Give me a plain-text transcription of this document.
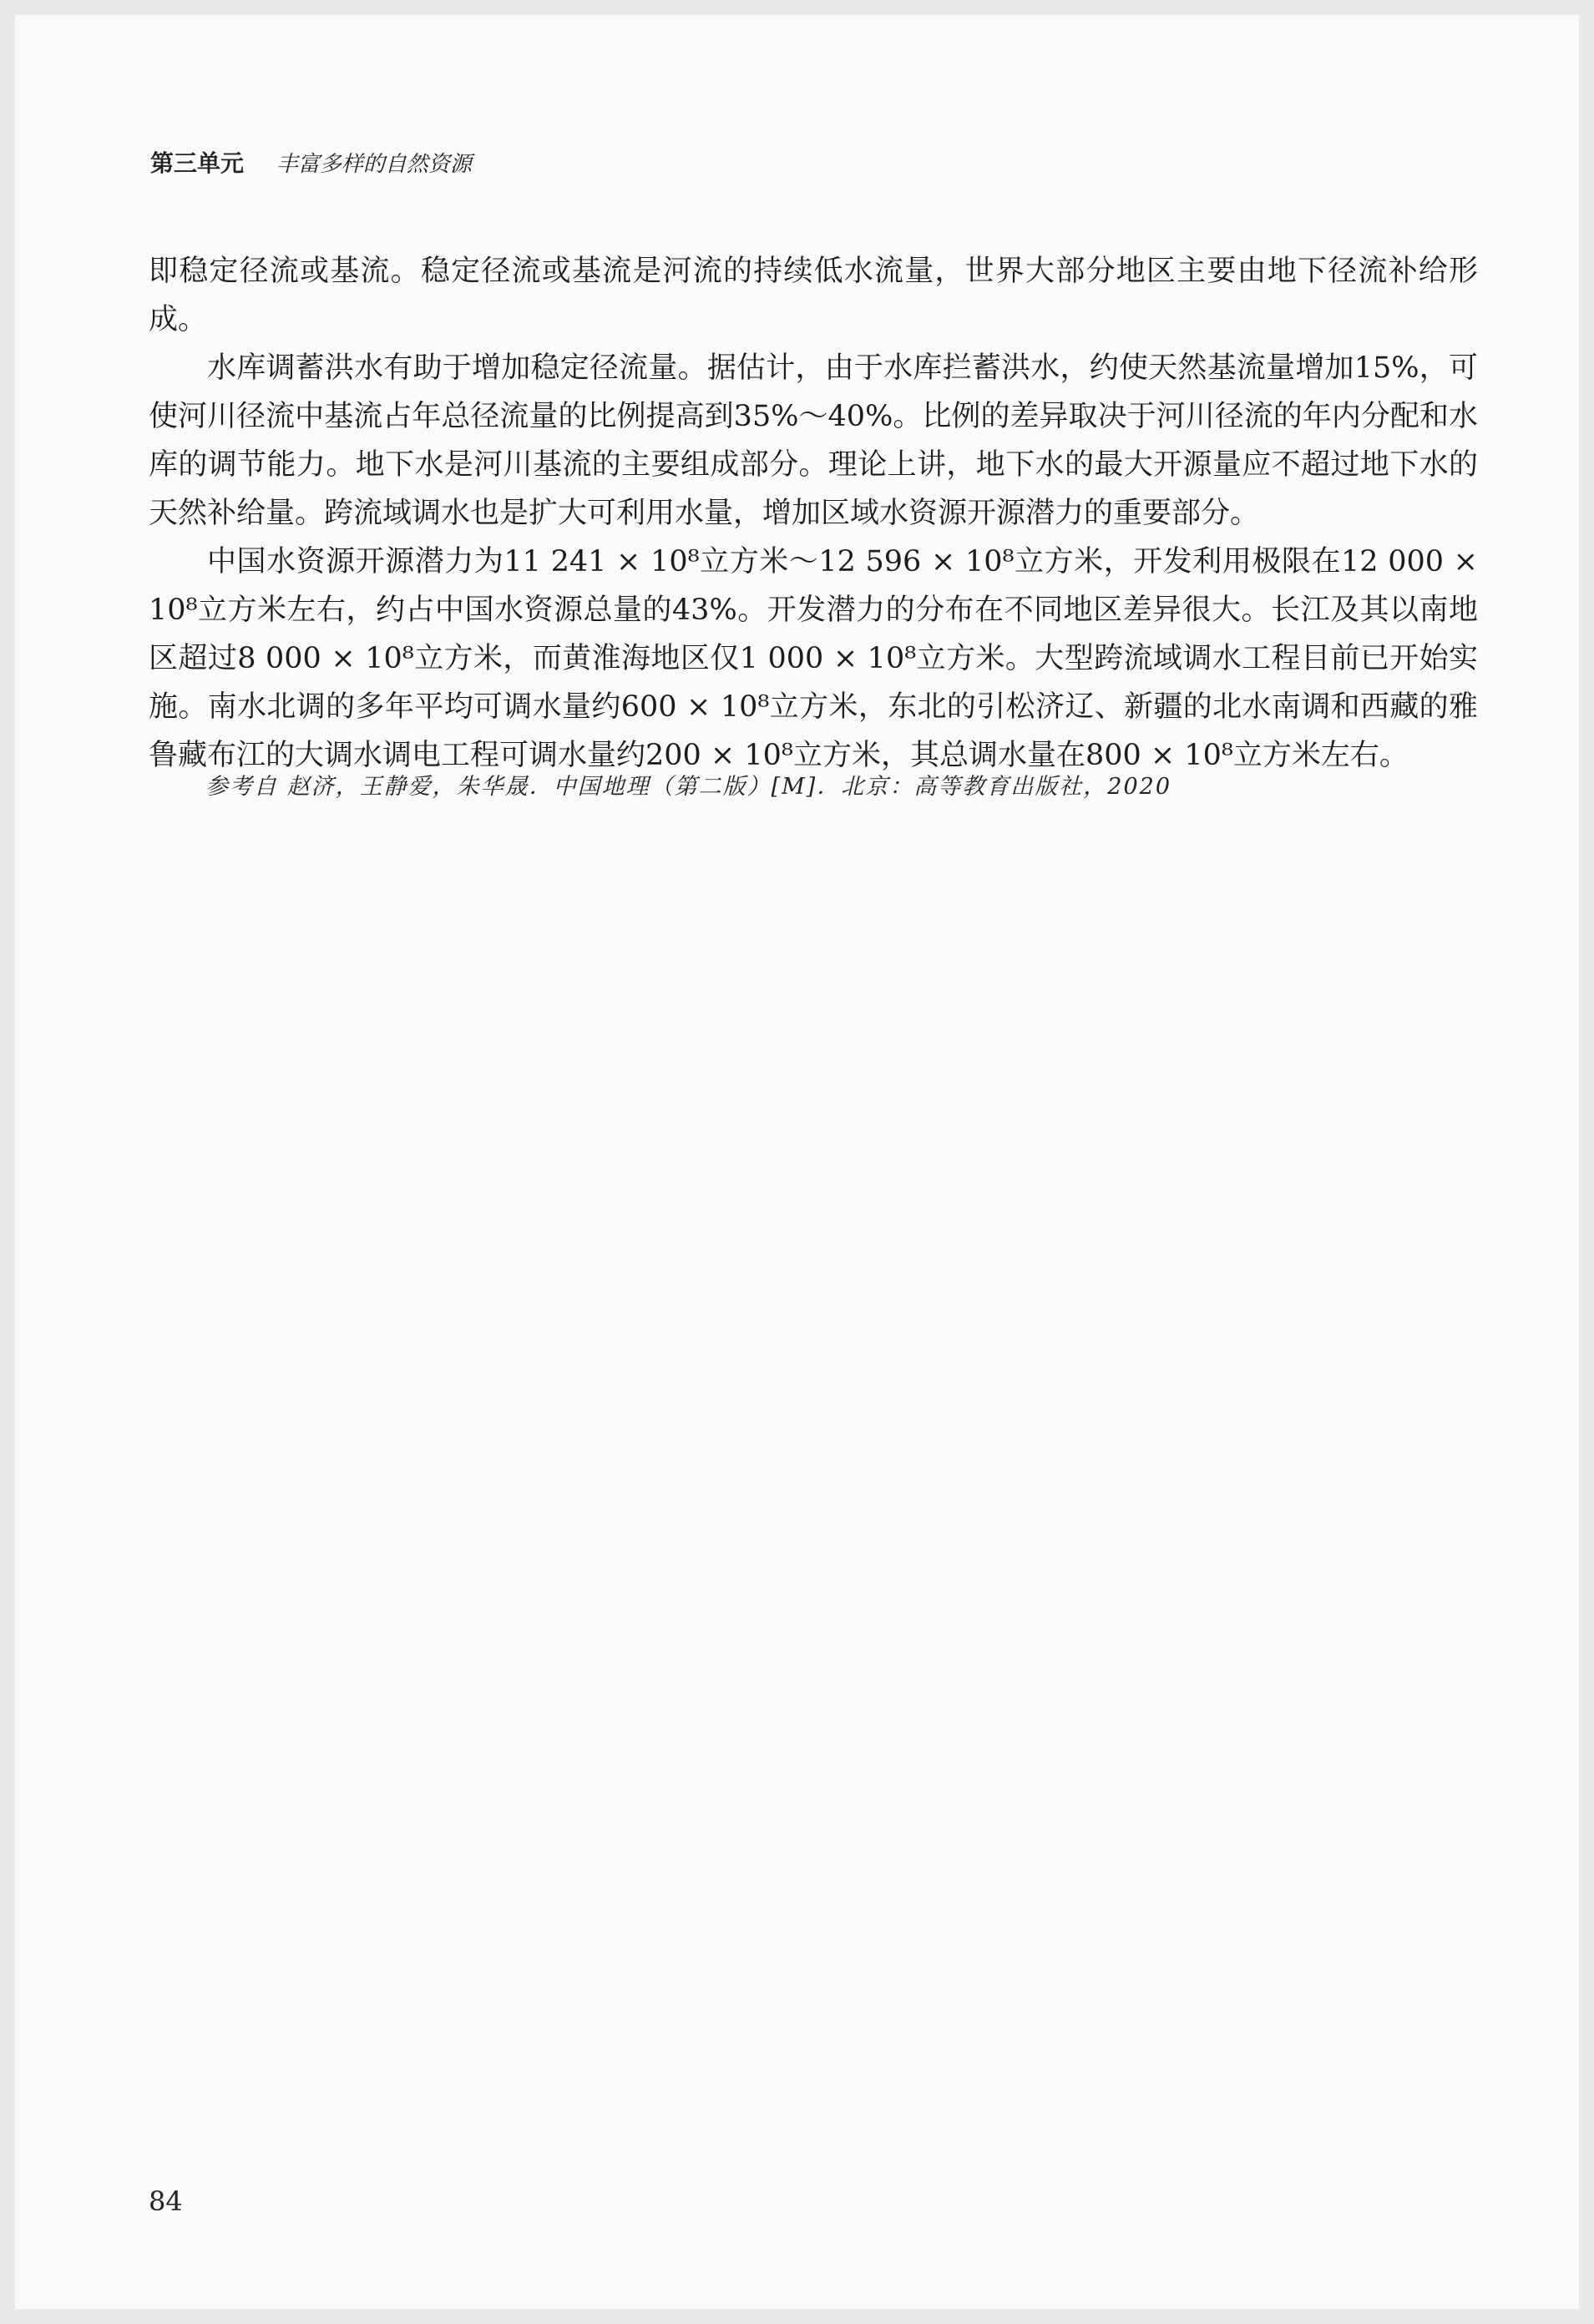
第三单元 丰富多样的自然资源

即稳定径流或基流。稳定径流或基流是河流的持续低水流量，世界大部分地区主要由地下径流补给形成。

水库调蓄洪水有助于增加稳定径流量。据估计，由于水库拦蓄洪水，约使天然基流量增加15%，可使河川径流中基流占年总径流量的比例提高到35%～40%。比例的差异取决于河川径流的年内分配和水库的调节能力。地下水是河川基流的主要组成部分。理论上讲，地下水的最大开源量应不超过地下水的天然补给量。跨流域调水也是扩大可利用水量，增加区域水资源开源潜力的重要部分。

中国水资源开源潜力为11 241 × 10⁸立方米～12 596 × 10⁸立方米，开发利用极限在12 000 × 10⁸立方米左右，约占中国水资源总量的43%。开发潜力的分布在不同地区差异很大。长江及其以南地区超过8 000 × 10⁸立方米，而黄淮海地区仅1 000 × 10⁸立方米。大型跨流域调水工程目前已开始实施。南水北调的多年平均可调水量约600 × 10⁸立方米，东北的引松济辽、新疆的北水南调和西藏的雅鲁藏布江的大调水调电工程可调水量约200 × 10⁸立方米，其总调水量在800 × 10⁸立方米左右。

参考自 赵济，王静爱，朱华晟．中国地理（第二版）[M]．北京：高等教育出版社，2020
84
